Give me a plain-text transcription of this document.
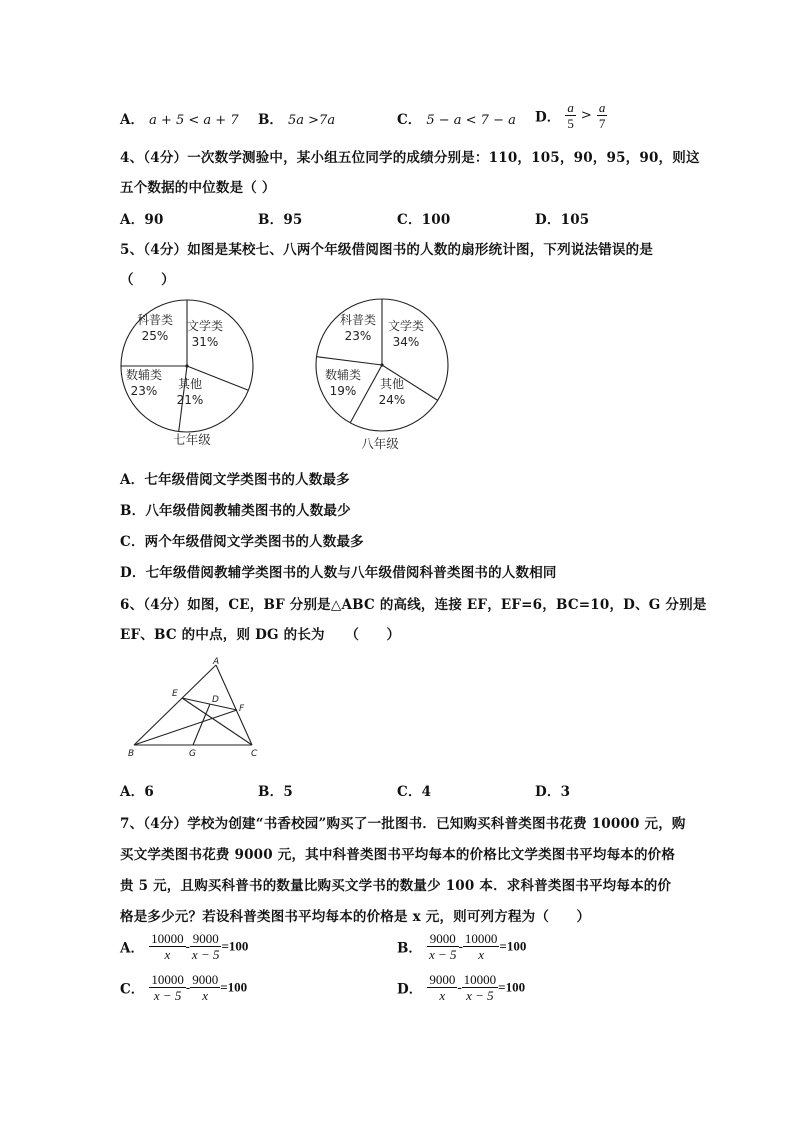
A． a + 5 < a + 7 B． 5a >7a	C． 5 − a < 7 − a D． $\frac{a}{5} > \frac{a}{7}$
4、（4分）一次数学测验中，某小组五位同学的成绩分别是：110，105，90，95，90，则这
五个数据的中位数是（ ）
A．90	B．95	C．100	D．105
5、（4分）如图是某校七、八两个年级借阅图书的人数的扇形统计图，下列说法错误的是
（　　）
科普类
25%
文学类
31%
其他
21%
数辅类
23%
七年级
科普类
23%
文学类
34%
其他
24%
数辅类
19%
八年级
A．七年级借阅文学类图书的人数最多
B．八年级借阅教辅类图书的人数最少
C．两个年级借阅文学类图书的人数最多
D．七年级借阅教辅学类图书的人数与八年级借阅科普类图书的人数相同
6、（4分）如图，CE，BF 分别是△ABC 的高线，连接 EF，EF=6，BC=10，D、G 分别是
EF、BC 的中点，则 DG 的长为　　（　　）
A
E
D
F
B	G	C
A．6	B．5	C．4	D．3
7、（4分）学校为创建“书香校园”购买了一批图书．已知购买科普类图书花费 10000 元，购
买文学类图书花费 9000 元，其中科普类图书平均每本的价格比文学类图书平均每本的价格
贵 5 元，且购买科普书的数量比购买文学书的数量少 100 本．求科普类图书平均每本的价
格是多少元？若设科普类图书平均每本的价格是 x 元，则可列方程为（　　）
A． $\frac{10000}{x} - \frac{9000}{x - 5} =100$	B． $\frac{9000}{x - 5} - \frac{10000}{x} =100$
C． $\frac{10000}{x - 5} - \frac{9000}{x} =100$	D． $\frac{9000}{x} - \frac{10000}{x - 5} =100$
